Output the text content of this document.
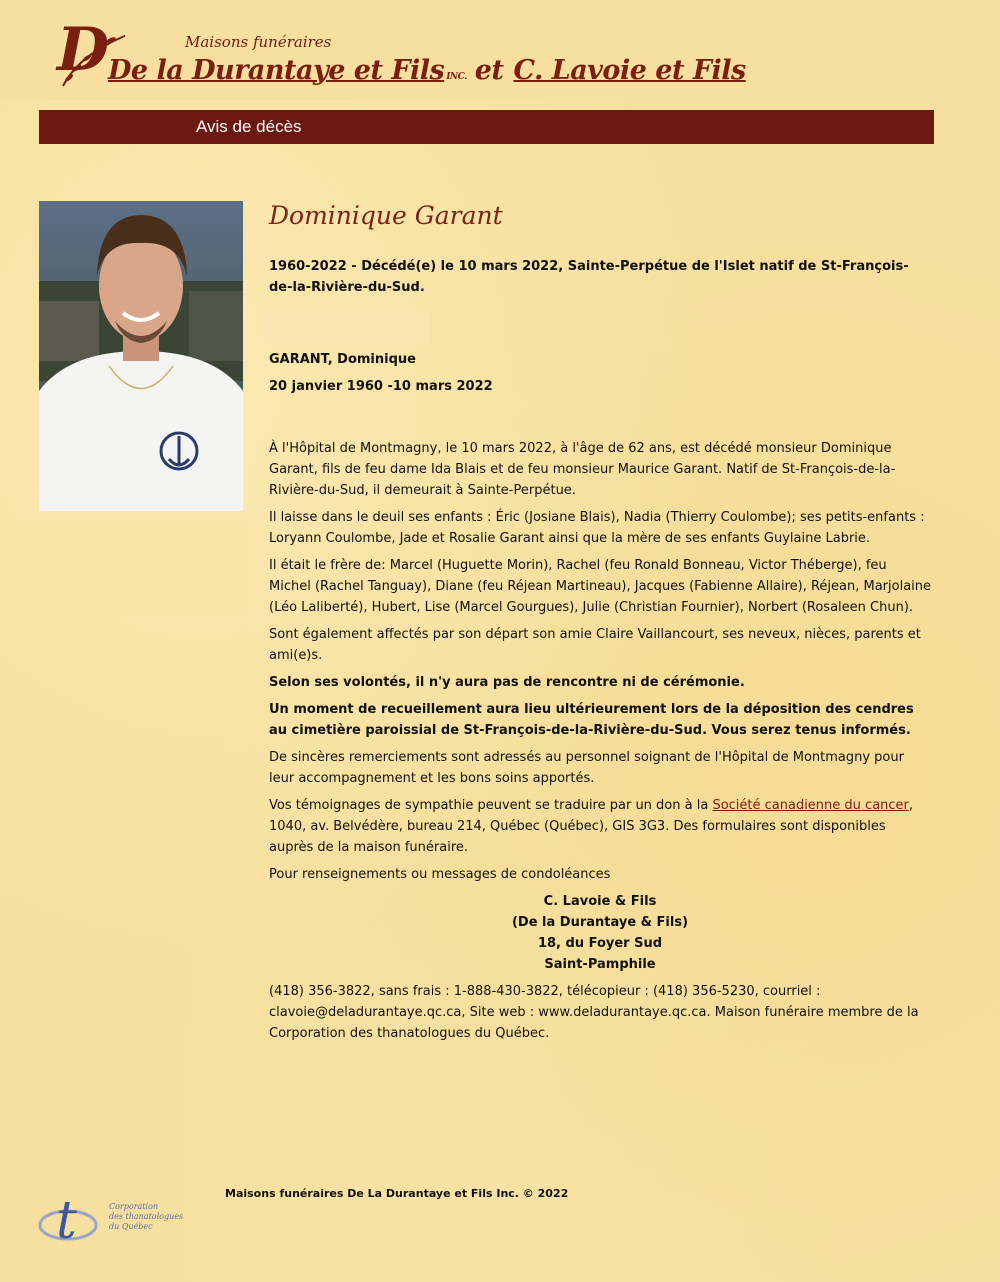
D	Maisons funéraires
De la Durantaye et Fils INC. et C. Lavoie et Fils
Avis de décès
Dominique Garant

1960-2022 - Décédé(e) le 10 mars 2022, Sainte-Perpétue de l'Islet natif de St-François-de-la-Rivière-du-Sud.

GARANT, Dominique

20 janvier 1960 -10 mars 2022

À l'Hôpital de Montmagny, le 10 mars 2022, à l'âge de 62 ans, est décédé monsieur Dominique Garant, fils de feu dame Ida Blais et de feu monsieur Maurice Garant. Natif de St-François-de-la-Rivière-du-Sud, il demeurait à Sainte-Perpétue.

Il laisse dans le deuil ses enfants : Éric (Josiane Blais), Nadia (Thierry Coulombe); ses petits-enfants : Loryann Coulombe, Jade et Rosalie Garant ainsi que la mère de ses enfants Guylaine Labrie.

Il était le frère de: Marcel (Huguette Morin), Rachel (feu Ronald Bonneau, Victor Théberge), feu Michel (Rachel Tanguay), Diane (feu Réjean Martineau), Jacques (Fabienne Allaire), Réjean, Marjolaine (Léo Laliberté), Hubert, Lise (Marcel Gourgues), Julie (Christian Fournier), Norbert (Rosaleen Chun).

Sont également affectés par son départ son amie Claire Vaillancourt, ses neveux, nièces, parents et ami(e)s.

Selon ses volontés, il n'y aura pas de rencontre ni de cérémonie.

Un moment de recueillement aura lieu ultérieurement lors de la déposition des cendres au cimetière paroissial de St-François-de-la-Rivière-du-Sud. Vous serez tenus informés.

De sincères remerciements sont adressés au personnel soignant de l'Hôpital de Montmagny pour leur accompagnement et les bons soins apportés.

Vos témoignages de sympathie peuvent se traduire par un don à la Société canadienne du cancer, 1040, av. Belvédère, bureau 214, Québec (Québec), GIS 3G3. Des formulaires sont disponibles auprès de la maison funéraire.

Pour renseignements ou messages de condoléances

C. Lavoie & Fils
(De la Durantaye & Fils)
18, du Foyer Sud
Saint-Pamphile

(418) 356-3822, sans frais : 1-888-430-3822, télécopieur : (418) 356-5230, courriel : clavoie@deladurantaye.qc.ca, Site web : www.deladurantaye.qc.ca. Maison funéraire membre de la Corporation des thanatologues du Québec.

t	Corporation
des thanatologues
du Québec
Maisons funéraires De La Durantaye et Fils Inc. © 2022
